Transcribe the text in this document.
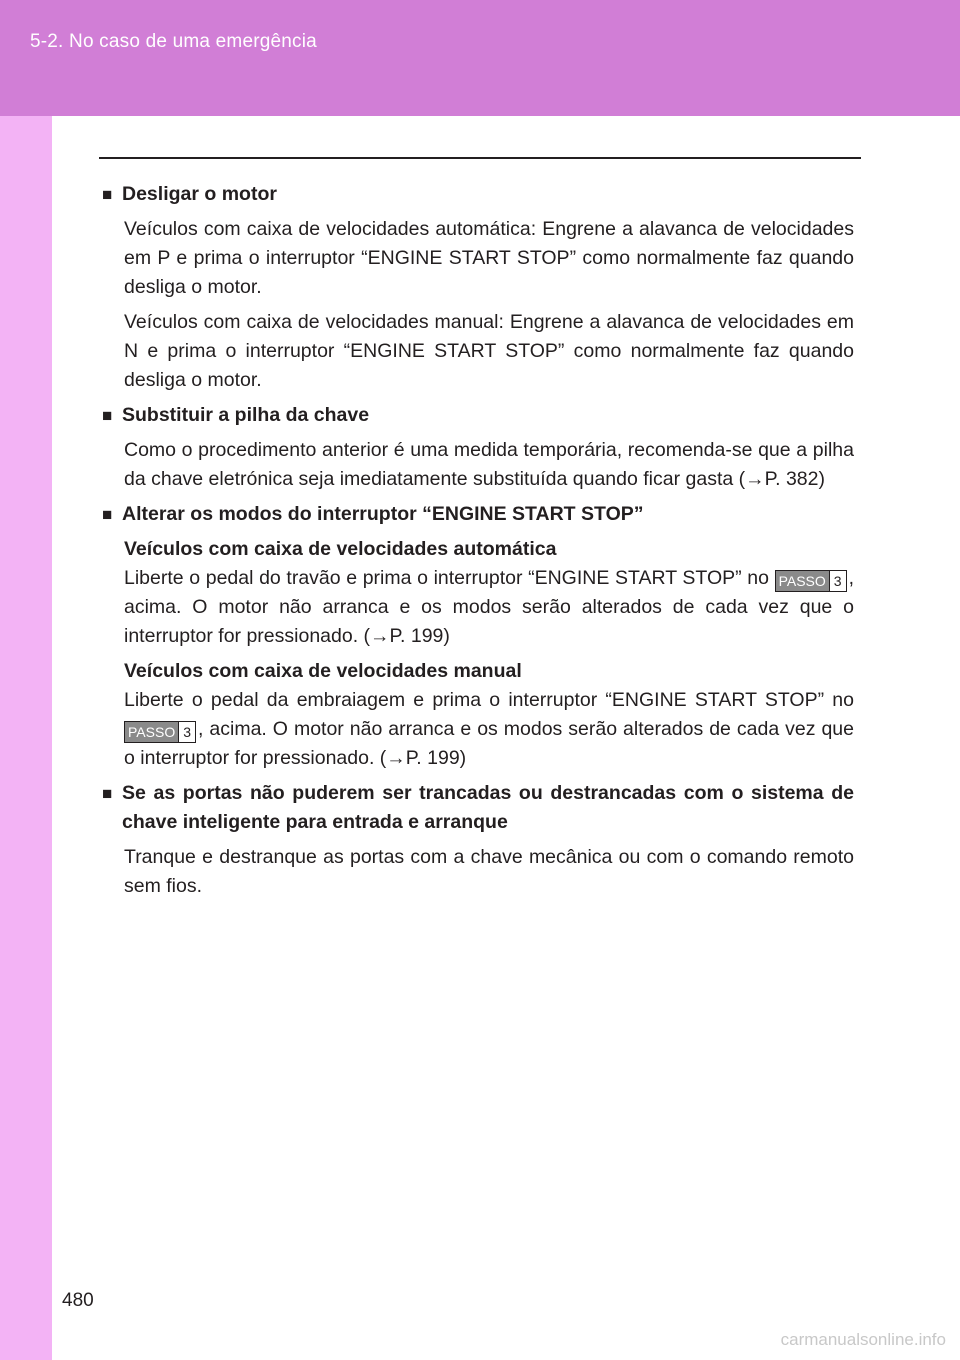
5-2. No caso de uma emergência
■ Desligar o motor

Veículos com caixa de velocidades automática: Engrene a alavanca de velocidades em P e prima o interruptor “ENGINE START STOP” como normalmente faz quando desliga o motor.

Veículos com caixa de velocidades manual: Engrene a alavanca de velocidades em N e prima o interruptor “ENGINE START STOP” como normalmente faz quando desliga o motor.

■ Substituir a pilha da chave

Como o procedimento anterior é uma medida temporária, recomenda-se que a pilha da chave eletrónica seja imediatamente substituída quando ficar gasta (→P. 382)

■ Alterar os modos do interruptor “ENGINE START STOP”
Veículos com caixa de velocidades automática

Liberte o pedal do travão e prima o interruptor “ENGINE START STOP” no PASSO 3 , acima. O motor não arranca e os modos serão alterados de cada vez que o interruptor for pressionado. (→P. 199)

Veículos com caixa de velocidades manual

Liberte o pedal da embraiagem e prima o interruptor “ENGINE START STOP” no PASSO 3 , acima. O motor não arranca e os modos serão alterados de cada vez que o interruptor for pressionado. (→P. 199)

■ Se as portas não puderem ser trancadas ou destrancadas com o sistema de chave inteligente para entrada e arranque

Tranque e destranque as portas com a chave mecânica ou com o comando remoto sem fios.

480
carmanualsonline.info
